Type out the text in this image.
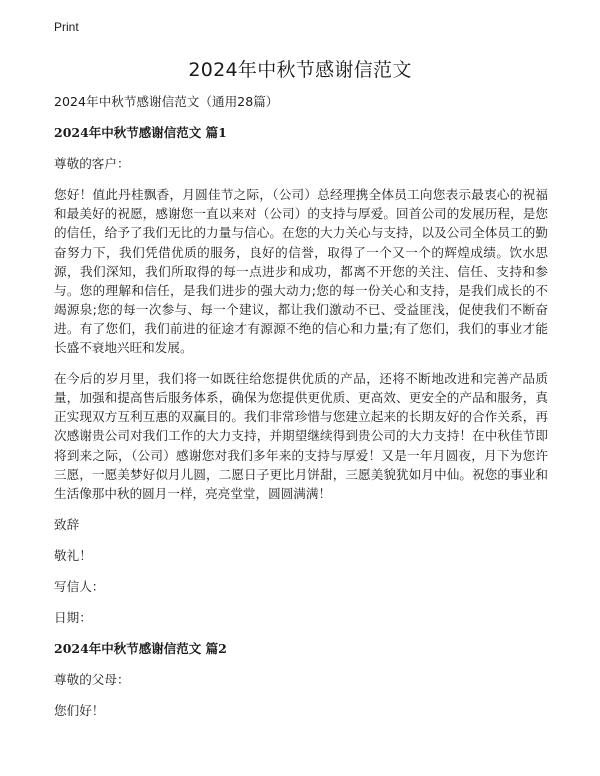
Print
2024年中秋节感谢信范文

2024年中秋节感谢信范文（通用28篇）

2024年中秋节感谢信范文 篇1

尊敬的客户：

您好！值此丹桂飘香，月圆佳节之际，（公司）总经理携全体员工向您表示最衷心的祝福和最美好的祝愿，感谢您一直以来对（公司）的支持与厚爱。回首公司的发展历程，是您的信任，给予了我们无比的力量与信心。在您的大力关心与支持，以及公司全体员工的勤奋努力下，我们凭借优质的服务，良好的信誉，取得了一个又一个的辉煌成绩。饮水思源，我们深知，我们所取得的每一点进步和成功，都离不开您的关注、信任、支持和参与。您的理解和信任，是我们进步的强大动力;您的每一份关心和支持，是我们成长的不竭源泉;您的每一次参与、每一个建议，都让我们激动不已、受益匪浅，促使我们不断奋进。有了您们，我们前进的征途才有源源不绝的信心和力量;有了您们，我们的事业才能长盛不衰地兴旺和发展。

在今后的岁月里，我们将一如既往给您提供优质的产品，还将不断地改进和完善产品质量，加强和提高售后服务体系，确保为您提供更优质、更高效、更安全的产品和服务，真正实现双方互利互惠的双赢目的。我们非常珍惜与您建立起来的长期友好的合作关系，再次感谢贵公司对我们工作的大力支持，并期望继续得到贵公司的大力支持！在中秋佳节即将到来之际，（公司）感谢您对我们多年来的支持与厚爱！又是一年月圆夜，月下为您许三愿，一愿美梦好似月儿圆，二愿日子更比月饼甜，三愿美貌犹如月中仙。祝您的事业和生活像那中秋的圆月一样，亮亮堂堂，圆圆满满！

致辞

敬礼！

写信人：

日期：

2024年中秋节感谢信范文 篇2

尊敬的父母：

您们好！
